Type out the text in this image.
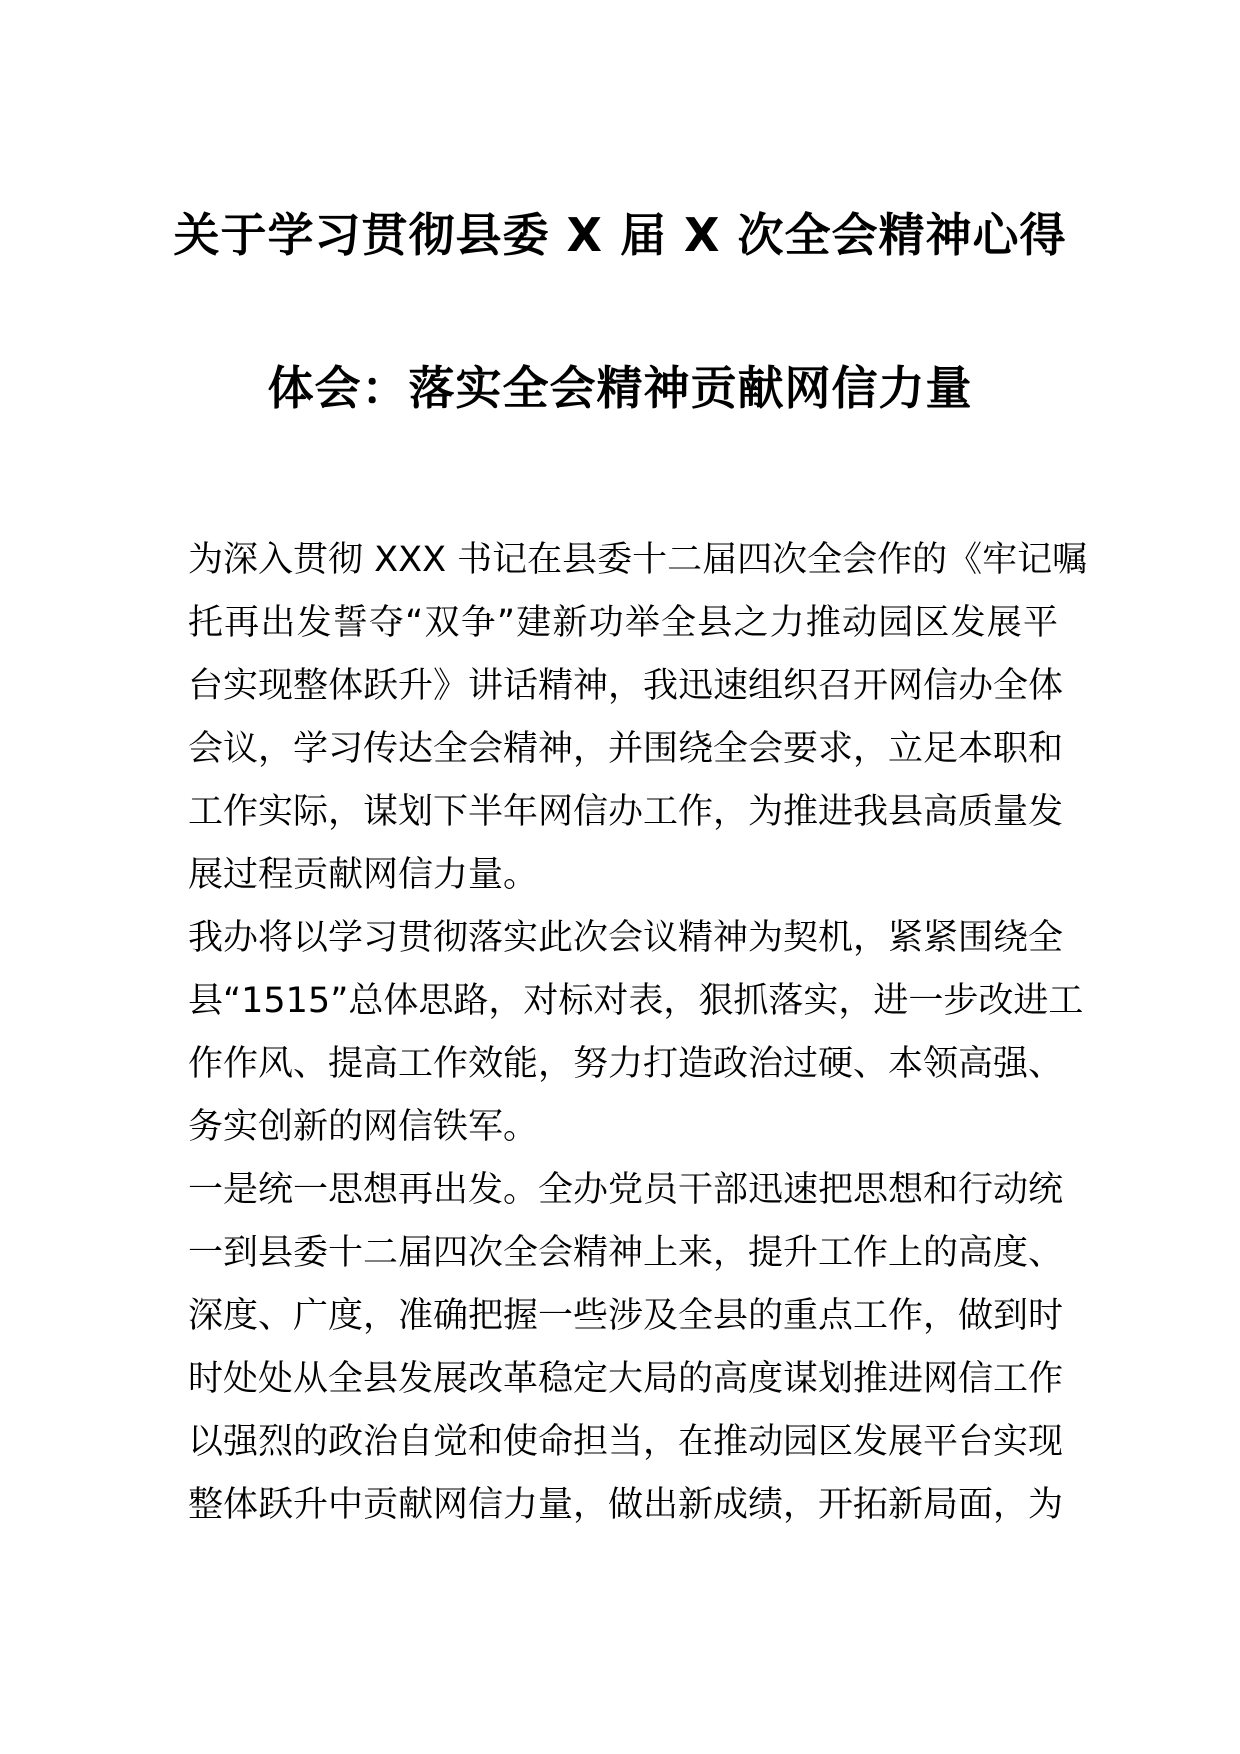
关于学习贯彻县委 X 届 X 次全会精神心得
体会：落实全会精神贡献网信力量
为深入贯彻 XXX 书记在县委十二届四次全会作的《牢记嘱
托再出发誓夺“双争”建新功举全县之力推动园区发展平
台实现整体跃升》讲话精神，我迅速组织召开网信办全体
会议，学习传达全会精神，并围绕全会要求，立足本职和
工作实际，谋划下半年网信办工作，为推进我县高质量发
展过程贡献网信力量。
我办将以学习贯彻落实此次会议精神为契机，紧紧围绕全
县“1515”总体思路，对标对表，狠抓落实，进一步改进工
作作风、提高工作效能，努力打造政治过硬、本领高强、
务实创新的网信铁军。
一是统一思想再出发。全办党员干部迅速把思想和行动统
一到县委十二届四次全会精神上来，提升工作上的高度、
深度、广度，准确把握一些涉及全县的重点工作，做到时
时处处从全县发展改革稳定大局的高度谋划推进网信工作
以强烈的政治自觉和使命担当，在推动园区发展平台实现
整体跃升中贡献网信力量，做出新成绩，开拓新局面，为
